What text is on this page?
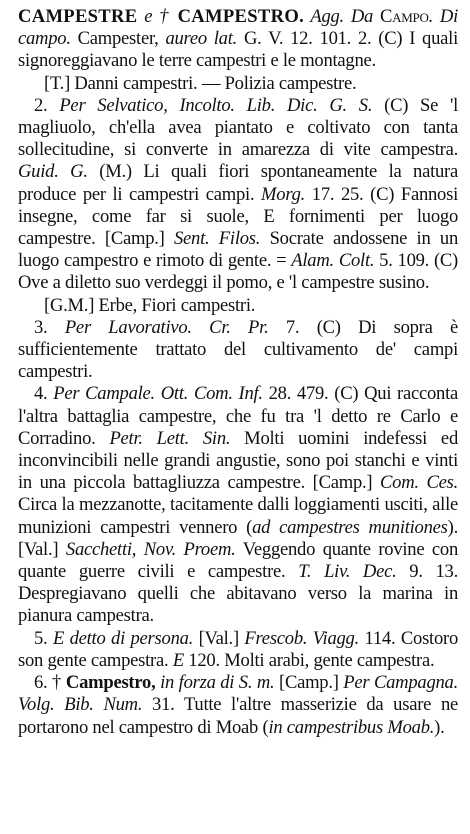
CAMPESTRE e † CAMPESTRO. Agg. Da Campo. Di campo. Campester, aureo lat. G. V. 12. 101. 2. (C) I quali signoreggiavano le terre campestri e le montagne.

[T.] Danni campestri. — Polizia campestre.

2. Per Selvatico, Incolto. Lib. Dic. G. S. (C) Se 'l magliuolo, ch'ella avea piantato e coltivato con tanta sollecitudine, si converte in amarezza di vite campestra. Guid. G. (M.) Li quali fiori spontaneamente la natura produce per li campestri campi. Morg. 17. 25. (C) Fannosi insegne, come far si suole, E fornimenti per luogo campestre. [Camp.] Sent. Filos. Socrate andossene in un luogo campestro e rimoto di gente. = Alam. Colt. 5. 109. (C) Ove a diletto suo verdeggi il pomo, e 'l campestre susino.

[G.M.] Erbe, Fiori campestri.

3. Per Lavorativo. Cr. Pr. 7. (C) Di sopra è sufficientemente trattato del cultivamento de' campi campestri.

4. Per Campale. Ott. Com. Inf. 28. 479. (C) Qui racconta l'altra battaglia campestre, che fu tra 'l detto re Carlo e Corradino. Petr. Lett. Sin. Molti uomini indefessi ed inconvincibili nelle grandi angustie, sono poi stanchi e vinti in una piccola battagliuzza campestre. [Camp.] Com. Ces. Circa la mezzanotte, tacitamente dalli loggiamenti usciti, alle munizioni campestri vennero (ad campestres munitiones). [Val.] Sacchetti, Nov. Proem. Veggendo quante rovine con quante guerre civili e campestre. T. Liv. Dec. 9. 13. Despregiavano quelli che abitavano verso la marina in pianura campestra.

5. E detto di persona. [Val.] Frescob. Viagg. 114. Costoro son gente campestra. E 120. Molti arabi, gente campestra.

6. † Campestro, in forza di S. m. [Camp.] Per Campagna. Volg. Bib. Num. 31. Tutte l'altre masserizie da usare ne portarono nel campestro di Moab (in campestribus Moab.).
